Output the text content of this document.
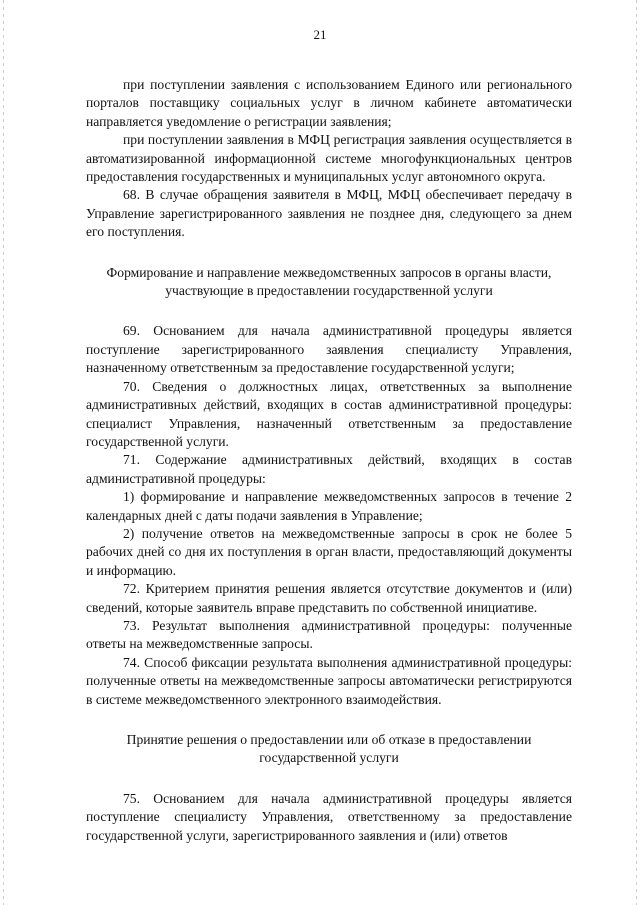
21

при поступлении заявления с использованием Единого или регионального порталов поставщику социальных услуг в личном кабинете автоматически направляется уведомление о регистрации заявления;

при поступлении заявления в МФЦ регистрация заявления осуществляется в автоматизированной информационной системе многофункциональных центров предоставления государственных и муниципальных услуг автономного округа.

68. В случае обращения заявителя в МФЦ, МФЦ обеспечивает передачу в Управление зарегистрированного заявления не позднее дня, следующего за днем его поступления.

Формирование и направление межведомственных запросов в органы власти, участвующие в предоставлении государственной услуги

69. Основанием для начала административной процедуры является поступление зарегистрированного заявления специалисту Управления, назначенному ответственным за предоставление государственной услуги;

70. Сведения о должностных лицах, ответственных за выполнение административных действий, входящих в состав административной процедуры: специалист Управления, назначенный ответственным за предоставление государственной услуги.

71. Содержание административных действий, входящих в состав административной процедуры:

1) формирование и направление межведомственных запросов в течение 2 календарных дней с даты подачи заявления в Управление;

2) получение ответов на межведомственные запросы в срок не более 5 рабочих дней со дня их поступления в орган власти, предоставляющий документы и информацию.

72. Критерием принятия решения является отсутствие документов и (или) сведений, которые заявитель вправе представить по собственной инициативе.

73. Результат выполнения административной процедуры: полученные ответы на межведомственные запросы.

74. Способ фиксации результата выполнения административной процедуры: полученные ответы на межведомственные запросы автоматически регистрируются в системе межведомственного электронного взаимодействия.

Принятие решения о предоставлении или об отказе в предоставлении государственной услуги

75. Основанием для начала административной процедуры является поступление специалисту Управления, ответственному за предоставление государственной услуги, зарегистрированного заявления и (или) ответов
